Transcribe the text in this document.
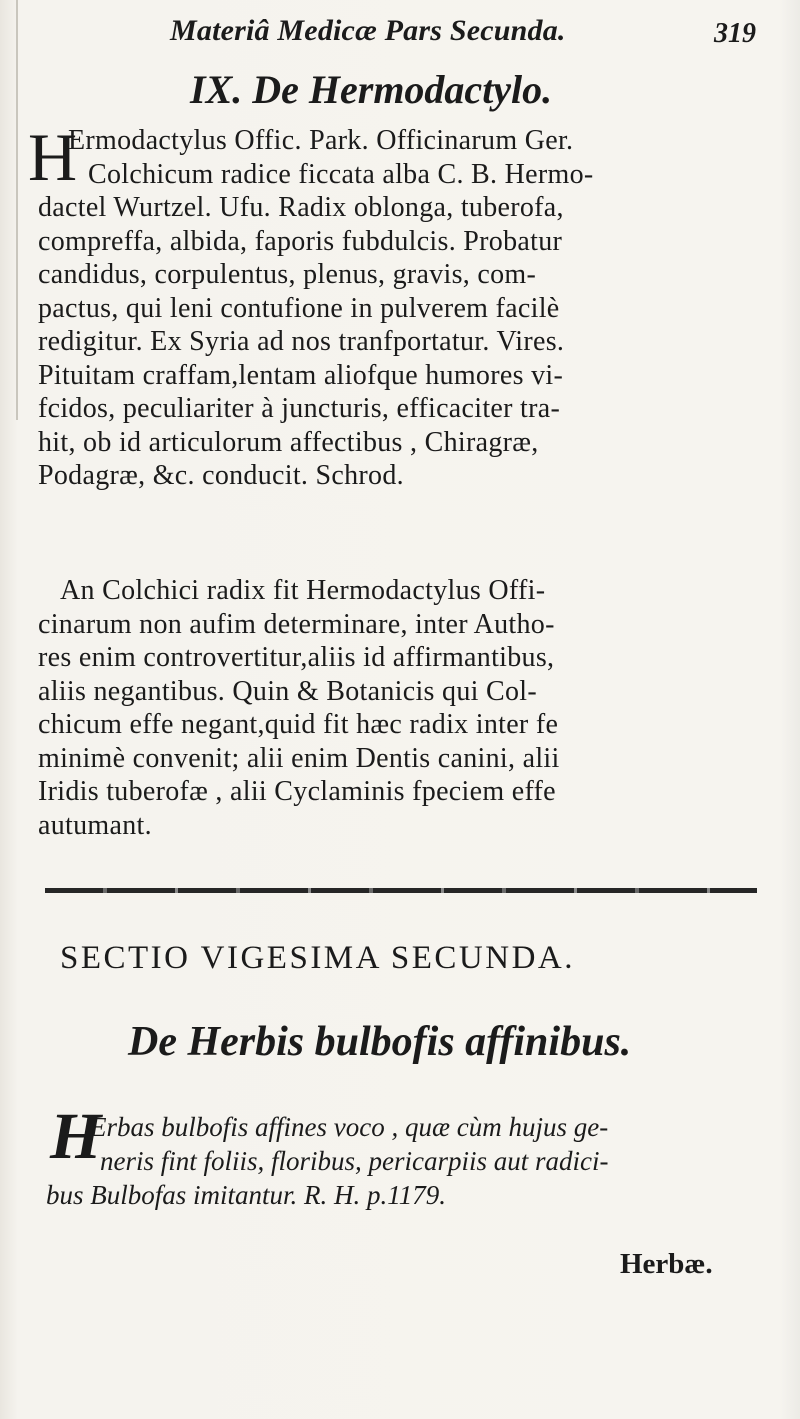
Materiâ Medicæ Pars Secunda.	319
IX. De Hermodactylo.
H
Ermodactylus Offic. Park. Officinarum Ger.
Colchicum radice ficcata alba C. B. Hermo-
dactel Wurtzel. Ufu. Radix oblonga, tuberofa,
compreffa, albida, faporis fubdulcis. Probatur
candidus, corpulentus, plenus, gravis, com-
pactus, qui leni contufione in pulverem facilè
redigitur. Ex Syria ad nos tranfportatur. Vires.
Pituitam craffam,lentam aliofque humores vi-
fcidos, peculiariter à juncturis, efficaciter tra-
hit, ob id articulorum affectibus , Chiragræ,
Podagræ, &c. conducit. Schrod.
An Colchici radix fit Hermodactylus Offi-
cinarum non aufim determinare, inter Autho-
res enim controvertitur,aliis id affirmantibus,
aliis negantibus. Quin & Botanicis qui Col-
chicum effe negant,quid fit hæc radix inter fe
minimè convenit; alii enim Dentis canini, alii
Iridis tuberofæ , alii Cyclaminis fpeciem effe
autumant.
SECTIO VIGESIMA SECUNDA.
De Herbis bulbofis affinibus.
H
Erbas bulbofis affines voco , quæ cùm hujus ge-
neris fint foliis, floribus, pericarpiis aut radici-
bus Bulbofas imitantur. R. H. p.1179.
Herbæ.
